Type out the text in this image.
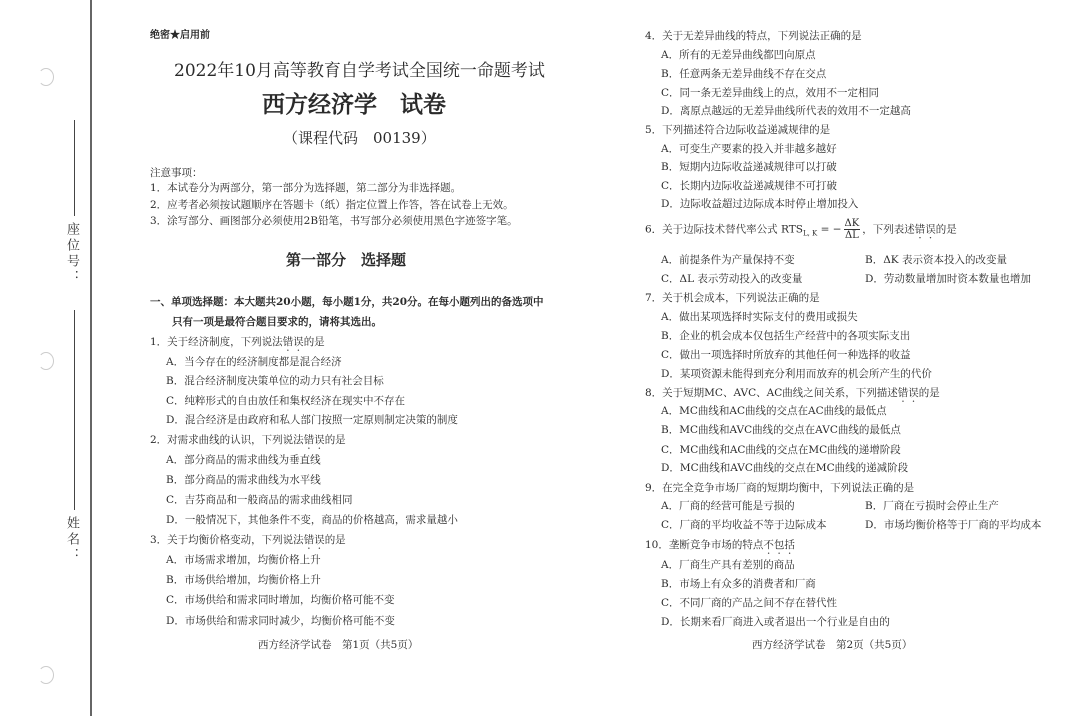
座位号：
姓名：
绝密★启用前
2022年10月高等教育自学考试全国统一命题考试
西方经济学　试卷
（课程代码　00139）
注意事项：
1．本试卷分为两部分，第一部分为选择题，第二部分为非选择题。
2．应考者必须按试题顺序在答题卡（纸）指定位置上作答，答在试卷上无效。
3．涂写部分、画图部分必须使用2B铅笔，书写部分必须使用黑色字迹签字笔。
第一部分　选择题
一、单项选择题：本大题共20小题，每小题1分，共20分。在每小题列出的备选项中
只有一项是最符合题目要求的，请将其选出。
西方经济学试卷　第1页（共5页）	西方经济学试卷　第2页（共5页）
1．关于经济制度，下列说法错误的是
A．当今存在的经济制度都是混合经济
B．混合经济制度决策单位的动力只有社会目标
C．纯粹形式的自由放任和集权经济在现实中不存在
D．混合经济是由政府和私人部门按照一定原则制定决策的制度
2．对需求曲线的认识，下列说法错误的是
A．部分商品的需求曲线为垂直线
B．部分商品的需求曲线为水平线
C．吉芬商品和一般商品的需求曲线相同
D．一般情况下，其他条件不变，商品的价格越高，需求量越小
3．关于均衡价格变动，下列说法错误的是
A．市场需求增加，均衡价格上升
B．市场供给增加，均衡价格上升
C．市场供给和需求同时增加，均衡价格可能不变
D．市场供给和需求同时减少，均衡价格可能不变
4．关于无差异曲线的特点，下列说法正确的是
A．所有的无差异曲线都凹向原点
B．任意两条无差异曲线不存在交点
C．同一条无差异曲线上的点，效用不一定相同
D．离原点越远的无差异曲线所代表的效用不一定越高
5．下列描述符合边际收益递减规律的是
A．可变生产要素的投入并非越多越好
B．短期内边际收益递减规律可以打破
C．长期内边际收益递减规律不可打破
D．边际收益超过边际成本时停止增加投入
6．关于边际技术替代率公式 $RTS_{L, K}$ = − $\frac{\Delta K}{\Delta L}$ ，下列表述错误的是
A．前提条件为产量保持不变	B．ΔK 表示资本投入的改变量
C．ΔL 表示劳动投入的改变量	D．劳动数量增加时资本数量也增加
7．关于机会成本，下列说法正确的是
A．做出某项选择时实际支付的费用或损失
B．企业的机会成本仅包括生产经营中的各项实际支出
C．做出一项选择时所放弃的其他任何一种选择的收益
D．某项资源未能得到充分利用而放弃的机会所产生的代价
8．关于短期MC、AVC、AC曲线之间关系，下列描述错误的是
A．MC曲线和AC曲线的交点在AC曲线的最低点
B．MC曲线和AVC曲线的交点在AVC曲线的最低点
C．MC曲线和AC曲线的交点在MC曲线的递增阶段
D．MC曲线和AVC曲线的交点在MC曲线的递减阶段
9．在完全竞争市场厂商的短期均衡中，下列说法正确的是
A．厂商的经营可能是亏损的	B．厂商在亏损时会停止生产
C．厂商的平均收益不等于边际成本	D．市场均衡价格等于厂商的平均成本
10．垄断竞争市场的特点不包括
A．厂商生产具有差别的商品
B．市场上有众多的消费者和厂商
C．不同厂商的产品之间不存在替代性
D．长期来看厂商进入或者退出一个行业是自由的
